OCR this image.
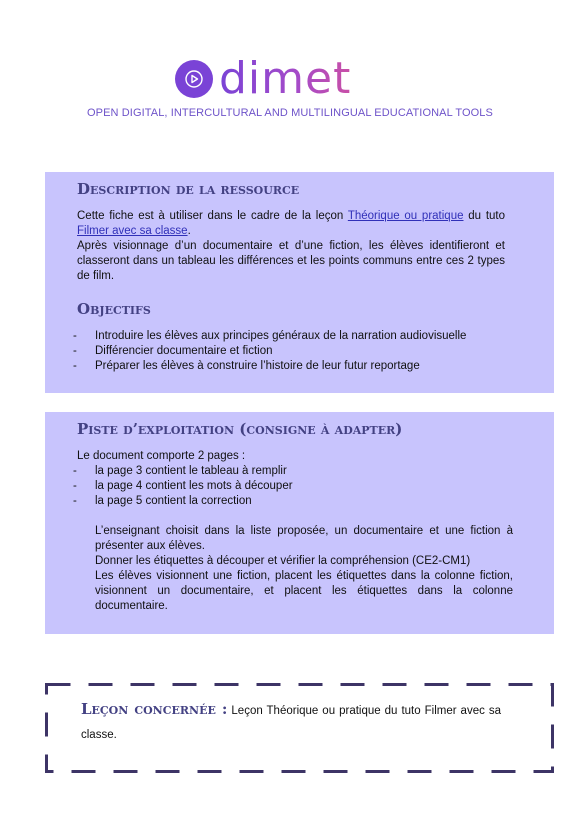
dimet
OPEN DIGITAL, INTERCULTURAL AND MULTILINGUAL EDUCATIONAL TOOLS
Description de la ressource
Cette fiche est à utiliser dans le cadre de la leçon Théorique ou pratique du tuto Filmer avec sa classe.
Après visionnage d’un documentaire et d’une fiction, les élèves identifieront et classeront dans un tableau les différences et les points communs entre ces 2 types de film.
Objectifs
- Introduire les élèves aux principes généraux de la narration audiovisuelle
- Différencier documentaire et fiction
- Préparer les élèves à construire l’histoire de leur futur reportage
Piste d’exploitation (consigne à adapter)
Le document comporte 2 pages :
- la page 3 contient le tableau à remplir
- la page 4 contient les mots à découper
- la page 5 contient la correction
L’enseignant choisit dans la liste proposée, un documentaire et une fiction à présenter aux élèves.
Donner les étiquettes à découper et vérifier la compréhension (CE2-CM1)
Les élèves visionnent une fiction, placent les étiquettes dans la colonne fiction, visionnent un documentaire, et placent les étiquettes dans la colonne documentaire.
Leçon concernée : Leçon Théorique ou pratique du tuto Filmer avec sa classe.
